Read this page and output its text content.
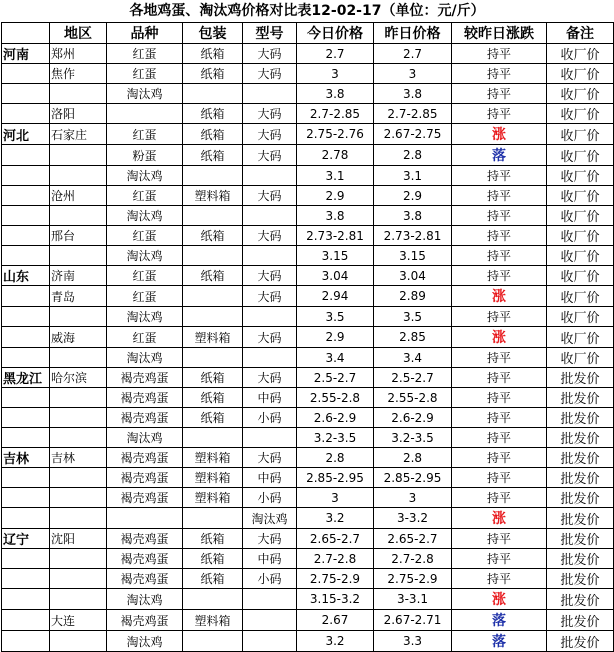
各地鸡蛋、淘汰鸡价格对比表12-02-17（单位：元/斤）
	地区	品种	包装	型号	今日价格	昨日价格	较昨日涨跌	备注
河南	郑州	红蛋	纸箱	大码	2.7	2.7	持平	收厂价
	焦作	红蛋	纸箱	大码	3	3	持平	收厂价
		淘汰鸡			3.8	3.8	持平	收厂价
	洛阳		纸箱	大码	2.7-2.85	2.7-2.85	持平	收厂价
河北	石家庄	红蛋	纸箱	大码	2.75-2.76	2.67-2.75	涨	收厂价
		粉蛋	纸箱	大码	2.78	2.8	落	收厂价
		淘汰鸡			3.1	3.1	持平	收厂价
	沧州	红蛋	塑料箱	大码	2.9	2.9	持平	收厂价
		淘汰鸡			3.8	3.8	持平	收厂价
	邢台	红蛋	纸箱	大码	2.73-2.81	2.73-2.81	持平	收厂价
		淘汰鸡			3.15	3.15	持平	收厂价
山东	济南	红蛋	纸箱	大码	3.04	3.04	持平	收厂价
	青岛	红蛋		大码	2.94	2.89	涨	收厂价
		淘汰鸡			3.5	3.5	持平	收厂价
	威海	红蛋	塑料箱	大码	2.9	2.85	涨	收厂价
		淘汰鸡			3.4	3.4	持平	收厂价
黑龙江	哈尔滨	褐壳鸡蛋	纸箱	大码	2.5-2.7	2.5-2.7	持平	批发价
		褐壳鸡蛋	纸箱	中码	2.55-2.8	2.55-2.8	持平	批发价
		褐壳鸡蛋	纸箱	小码	2.6-2.9	2.6-2.9	持平	批发价
		淘汰鸡			3.2-3.5	3.2-3.5	持平	批发价
吉林	吉林	褐壳鸡蛋	塑料箱	大码	2.8	2.8	持平	批发价
		褐壳鸡蛋	塑料箱	中码	2.85-2.95	2.85-2.95	持平	批发价
		褐壳鸡蛋	塑料箱	小码	3	3	持平	批发价
				淘汰鸡	3.2	3-3.2	涨	批发价
辽宁	沈阳	褐壳鸡蛋	纸箱	大码	2.65-2.7	2.65-2.7	持平	批发价
		褐壳鸡蛋	纸箱	中码	2.7-2.8	2.7-2.8	持平	批发价
		褐壳鸡蛋	纸箱	小码	2.75-2.9	2.75-2.9	持平	批发价
		淘汰鸡			3.15-3.2	3-3.1	涨	批发价
	大连	褐壳鸡蛋	塑料箱		2.67	2.67-2.71	落	批发价
		淘汰鸡			3.2	3.3	落	批发价
